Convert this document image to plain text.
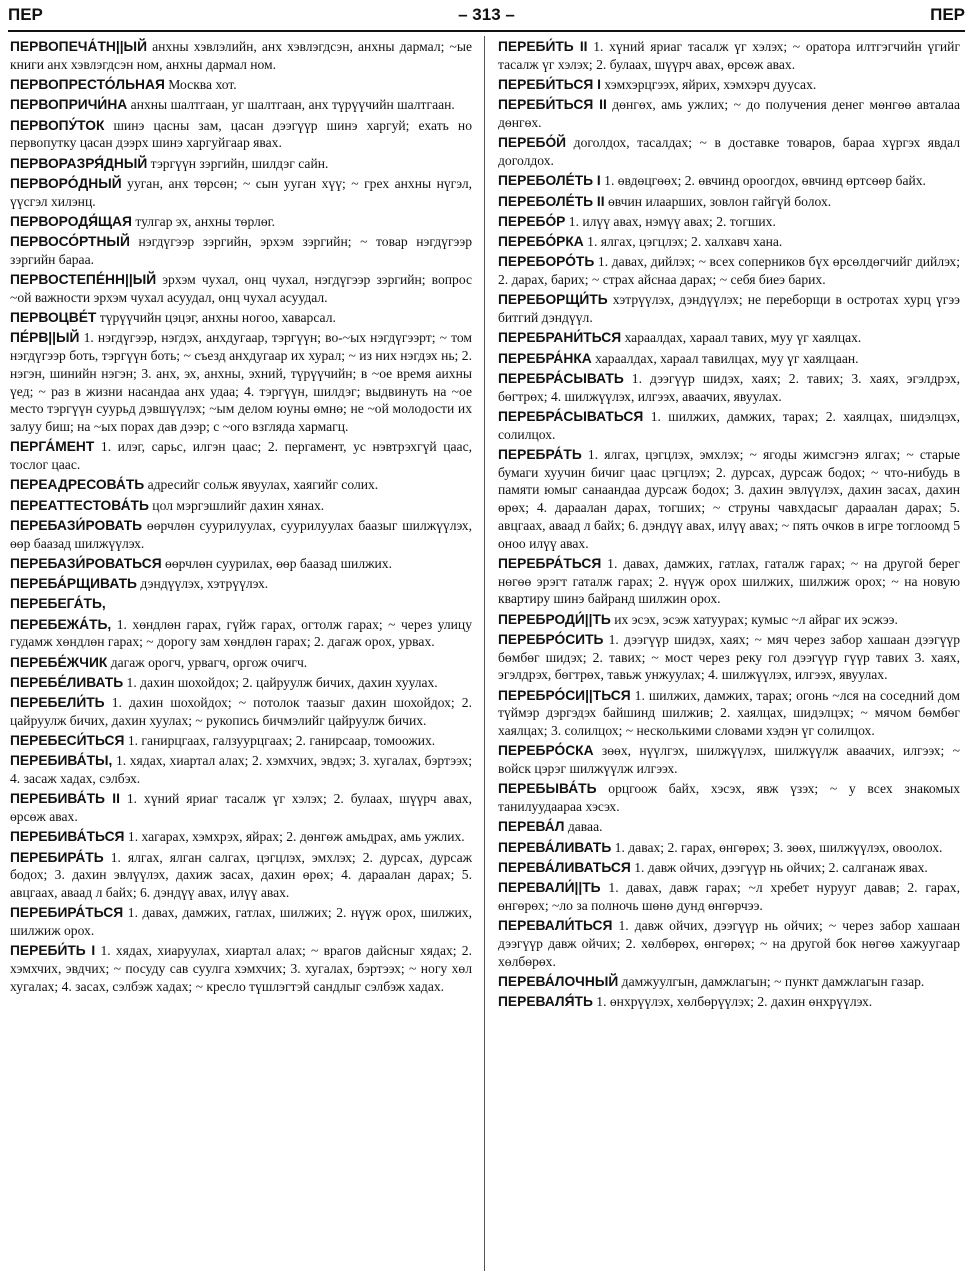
ПЕР	– 313 –	ПЕР
ПЕРВОПЕЧА́ТН||ЫЙ анхны хэвлэлийн, анх хэвлэгдсэн, анхны дармал; ~ые книги анх хэвлэгдсэн ном, анхны дармал ном.
ПЕРВОПРЕСТО́ЛЬНАЯ Москва хот.
ПЕРВОПРИЧИ́НА анхны шалтгаан, уг шалтгаан, анх түрүүчийн шалтгаан.
ПЕРВОПУ́ТОК шинэ цасны зам, цасан дээгүүр шинэ харгуй; ехать но первопутку цасан дээрх шинэ харгуйгаар явах.
ПЕРВОРАЗРЯ́ДНЫЙ тэргүүн зэргийн, шилдэг сайн.
ПЕРВОРО́ДНЫЙ ууган, анх төрсөн; ~ сын ууган хүү; ~ грех анхны нүгэл, үүсгэл хилэнц.
ПЕРВОРОДЯ́ЩАЯ тулгар эх, анхны төрлөг.
ПЕРВОСО́РТНЫЙ нэгдүгээр зэргийн, эрхэм зэргийн; ~ товар нэгдүгээр зэргийн бараа.
ПЕРВОСТЕПЕ́НН||ЫЙ эрхэм чухал, онц чухал, нэгдүгээр зэргийн; вопрос ~ой важности эрхэм чухал асуудал, онц чухал асуудал.
ПЕРВОЦВЕ́Т түрүүчийн цэцэг, анхны ногоо, хаварсал.
ПЕ́РВ||ЫЙ 1. нэгдүгээр, нэгдэх, анхдугаар, тэргүүн; во-~ых нэгдүгээрт; ~ том нэгдүгээр боть, тэргүүн боть; ~ съезд анхдугаар их хурал; ~ из них нэгдэх нь; 2. нэгэн, шинийн нэгэн; 3. анх, эх, анхны, эхний, түрүүчийн; в ~ое время аихны үед; ~ раз в жизни насандаа анх удаа; 4. тэргүүн, шилдэг; выдвинуть на ~ое место тэргүүн суурьд дэвшүүлэх; ~ым делом юуны өмнө; не ~ой молодости их залуу биш; на ~ых порах дав дээр; с ~ого взгляда хармагц.
ПЕРГА́МЕНТ 1. илэг, сарьс, илгэн цаас; 2. пергамент, ус нэвтрэхгүй цаас, тослог цаас.
ПЕРЕАДРЕСОВА́ТЬ адресийг сольж явуулах, хаягийг солих.
ПЕРЕАТТЕСТОВА́ТЬ цол мэргэшлийг дахин хянах.
ПЕРЕБАЗИ́РОВАТЬ өөрчлөн суурилуулах, суурилуулах баазыг шилжүүлэх, өөр баазад шилжүүлэх.
ПЕРЕБАЗИ́РОВАТЬСЯ өөрчлөн суурилах, өөр баазад шилжих.
ПЕРЕБА́РЩИВАТЬ дэндүүлэх, хэтрүүлэх.
ПЕРЕБЕГА́ТЬ,
ПЕРЕБЕЖА́ТЬ, 1. хөндлөн гарах, гүйж гарах, огтолж гарах; ~ через улицу гудамж хөндлөн гарах; ~ дорогу зам хөндлөн гарах; 2. дагаж орох, урвах.
ПЕРЕБЕ́ЖЧИК дагаж орогч, урвагч, оргож очигч.
ПЕРЕБЕ́ЛИВАТЬ 1. дахин шохойдох; 2. цайруулж бичих, дахин хуулах.
ПЕРЕБЕЛИ́ТЬ 1. дахин шохойдох; ~ потолок таазыг дахин шохойдох; 2. цайруулж бичих, дахин хуулах; ~ рукопись бичмэлийг цайруулж бичих.
ПЕРЕБЕСИ́ТЬСЯ 1. ганирцгаах, галзуурцгаах; 2. ганирсаар, томоожих.
ПЕРЕБИВА́ТЫ, 1. хядах, хиартал алах; 2. хэмхчих, эвдэх; 3. хугалах, бэртээх; 4. засаж хадах, сэлбэх.
ПЕРЕБИВА́ТЬ II 1. хүний яриаг тасалж үг хэлэх; 2. булаах, шүүрч авах, өрсөж авах.
ПЕРЕБИВА́ТЬСЯ 1. хагарах, хэмхрэх, яйрах; 2. дөнгөж амьдрах, амь ужлих.
ПЕРЕБИРА́ТЬ 1. ялгах, ялган салгах, цэгцлэх, эмхлэх; 2. дурсах, дурсаж бодох; 3. дахин эвлүүлэх, дахиж засах, дахин өрөх; 4. дараалан дарах; 5. авцгаах, аваад л байх; 6. дэндүү авах, илүү авах.
ПЕРЕБИРА́ТЬСЯ 1. давах, дамжих, гатлах, шилжих; 2. нүүж орох, шилжих, шилжиж орох.
ПЕРЕБИ́ТЬ I 1. хядах, хиаруулах, хиартал алах; ~ врагов дайсныг хядах; 2. хэмхчих, эвдчих; ~ посуду сав суулга хэмхчих; 3. хугалах, бэртээх; ~ ногу хөл хугалах; 4. засах, сэлбэж хадах; ~ кресло түшлэгтэй сандлыг сэлбэж хадах.
ПЕРЕБИ́ТЬ II 1. хүний яриаг тасалж үг хэлэх; ~ оратора илтгэгчийн үгийг тасалж үг хэлэх; 2. булаах, шүүрч авах, өрсөж авах.
ПЕРЕБИ́ТЬСЯ I хэмхэрцгээх, яйрих, хэмхэрч дуусах.
ПЕРЕБИ́ТЬСЯ II дөнгөх, амь ужлих; ~ до получения денег мөнгөө авталаа дөнгөх.
ПЕРЕБО́Й доголдох, тасалдах; ~ в доставке товаров, бараа хүргэх явдал доголдох.
ПЕРЕБОЛЕ́ТЬ I 1. өвдөцгөөх; 2. өвчинд ороогдох, өвчинд өртсөөр байх.
ПЕРЕБОЛЕ́ТЬ II өвчин илаарших, зовлон гайгүй болох.
ПЕРЕБО́Р 1. илүү авах, нэмүү авах; 2. тогших.
ПЕРЕБО́РКА 1. ялгах, цэгцлэх; 2. халхавч хана.
ПЕРЕБОРО́ТЬ 1. давах, дийлэх; ~ всех соперников бүх өрсөлдөгчийг дийлэх; 2. дарах, барих; ~ страх айснаа дарах; ~ себя биеэ барих.
ПЕРЕБОРЩИ́ТЬ хэтрүүлэх, дэндүүлэх; не переборщи в остротах хурц үгээ битгий дэндүүл.
ПЕРЕБРАНИ́ТЬСЯ хараалдах, хараал тавих, муу үг хаялцах.
ПЕРЕБРА́НКА хараалдах, хараал тавилцах, муу үг хаялцаан.
ПЕРЕБРА́СЫВАТЬ 1. дээгүүр шидэх, хаях; 2. тавих; 3. хаях, эгэлдрэх, бөгтрөх; 4. шилжүүлэх, илгээх, аваачих, явуулах.
ПЕРЕБРА́СЫВАТЬСЯ 1. шилжих, дамжих, тарах; 2. хаялцах, шидэлцэх, солилцох.
ПЕРЕБРА́ТЬ 1. ялгах, цэгцлэх, эмхлэх; ~ ягоды жимсгэнэ ялгах; ~ старые бумаги хуучин бичиг цаас цэгцлэх; 2. дурсах, дурсаж бодох; ~ что-нибудь в памяти юмыг санаандаа дурсаж бодох; 3. дахин эвлүүлэх, дахин засах, дахин өрөх; 4. дараалан дарах, тогших; ~ струны чавхдасыг дараалан дарах; 5. авцгаах, аваад л байх; 6. дэндүү авах, илүү авах; ~ пять очков в игре тоглоомд 5 оноо илүү авах.
ПЕРЕБРА́ТЬСЯ 1. давах, дамжих, гатлах, гаталж гарах; ~ на другой берег нөгөө эрэгт гаталж гарах; 2. нүүж орох шилжих, шилжиж орох; ~ на новую квартиру шинэ байранд шилжин орох.
ПЕРЕБРОДИ́||ТЬ их эсэх, эсэж хатуурах; кумыс ~л айраг их эсжээ.
ПЕРЕБРО́СИТЬ 1. дээгүүр шидэх, хаях; ~ мяч через забор хашаан дээгүүр бөмбөг шидэх; 2. тавих; ~ мост через реку гол дээгүүр гүүр тавих 3. хаях, эгэлдрэх, бөгтрөх, тавьж унжуулах; 4. шилжүүлэх, илгээх, явуулах.
ПЕРЕБРО́СИ||ТЬСЯ 1. шилжих, дамжих, тарах; огонь ~лся на соседний дом түймэр дэргэдэх байшинд шилжив; 2. хаялцах, шидэлцэх; ~ мячом бөмбөг хаялцах; 3. солилцох; ~ несколькими словами хэдэн үг солилцох.
ПЕРЕБРО́СКА зөөх, нүүлгэх, шилжүүлэх, шилжүүлж аваачих, илгээх; ~ войск цэрэг шилжүүлж илгээх.
ПЕРЕБЫВА́ТЬ орцгоож байх, хэсэх, явж үзэх; ~ у всех знакомых танилуудаараа хэсэх.
ПЕРЕВА́Л даваа.
ПЕРЕВА́ЛИВАТЬ 1. давах; 2. гарах, өнгөрөх; 3. зөөх, шилжүүлэх, овоолох.
ПЕРЕВА́ЛИВАТЬСЯ 1. давж ойчих, дээгүүр нь ойчих; 2. салганаж явах.
ПЕРЕВАЛИ́||ТЬ 1. давах, давж гарах; ~л хребет нурууг давав; 2. гарах, өнгөрөх; ~ло за полночь шөнө дунд өнгөрчээ.
ПЕРЕВАЛИ́ТЬСЯ 1. давж ойчих, дээгүүр нь ойчих; ~ через забор хашаан дээгүүр давж ойчих; 2. хөлбөрөх, өнгөрөх; ~ на другой бок нөгөө хажуугаар хөлбөрөх.
ПЕРЕВА́ЛОЧНЫЙ дамжуулгын, дамжлагын; ~ пункт дамжлагын газар.
ПЕРЕВАЛЯ́ТЬ 1. өнхрүүлэх, хөлбөрүүлэх; 2. дахин өнхрүүлэх.
